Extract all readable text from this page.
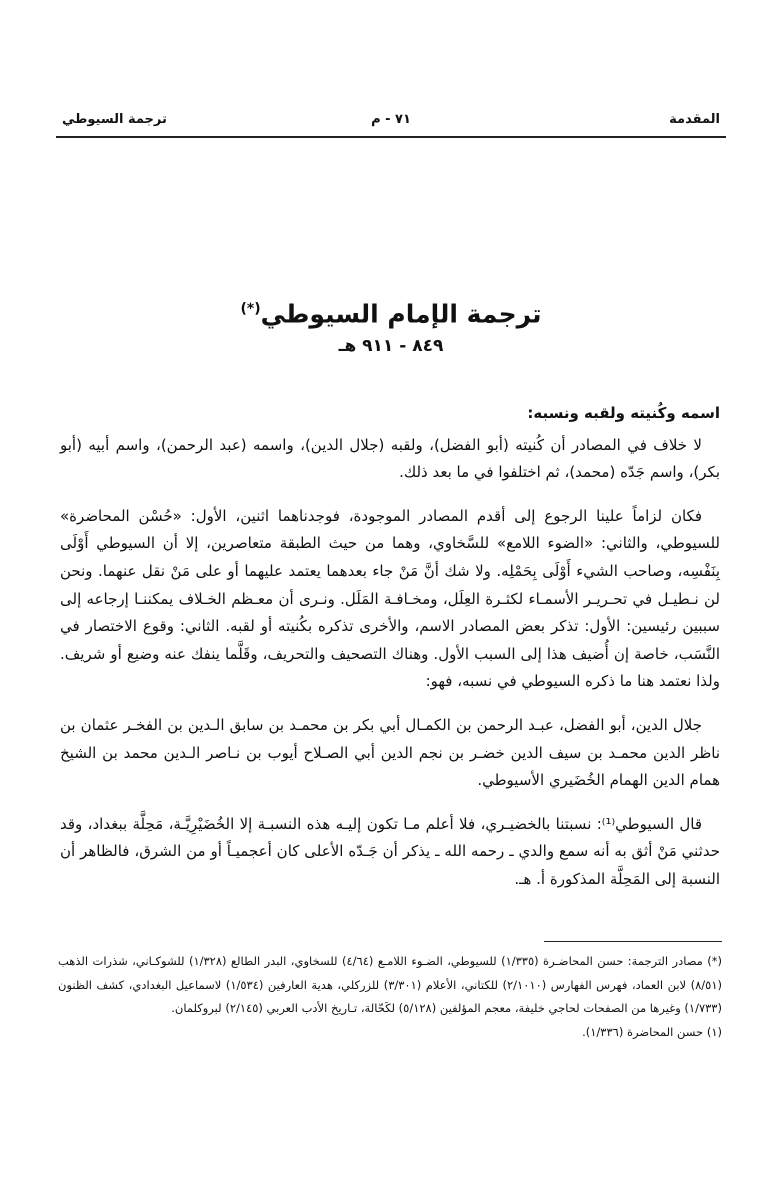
المقدمة
٧١ - م
ترجمة السيوطي
ترجمة الإمام السيوطي(*)
٨٤٩ - ٩١١ هـ
اسمه وكُنيته ولقبه ونسبه:

لا خلاف في المصادر أن كُنيته (أبو الفضل)، ولقبه (جلال الدين)، واسمه (عبد الرحمن)، واسم أبيه (أبو بكر)، واسم جَدّه (محمد)، ثم اختلفوا في ما بعد ذلك.

فكان لزاماً علينا الرجوع إلى أقدم المصادر الموجودة، فوجدناهما اثنين، الأول: «حُسْن المحاضرة» للسيوطي، والثاني: «الضوء اللامع» للسَّخاوي، وهما من حيث الطبقة متعاصرين، إلا أن السيوطي أَوْلَى بِنَفْسِه، وصاحب الشيء أَوْلَى بِحَمْلِه. ولا شك أنَّ مَنْ جاء بعدهما يعتمد عليهما أو على مَنْ نقل عنهما. ونحن لن نـطيـل في تحـريـر الأسمـاء لكثـرة العِلَل، ومخـافـة المَلَل. ونـرى أن معـظم الخـلاف يمكننـا إرجاعه إلى سببين رئيسين: الأول: تذكر بعض المصادر الاسم، والأخرى تذكره بكُنيته أو لقبه. الثاني: وقوع الاختصار في النَّسَب، خاصة إن أُضيف هذا إلى السبب الأول. وهناك التصحيف والتحريف، وقَلَّما ينفك عنه وضيع أو شريف. ولذا نعتمد هنا ما ذكره السيوطي في نسبه، فهو:

جلال الدين، أبو الفضل، عبـد الرحمن بن الكمـال أبي بكر بن محمـد بن سابق الـدين بن الفخـر عثمان بن ناظر الدين محمـد بن سيف الدين خضـر بن نجم الدين أبي الصـلاح أيوب بن نـاصر الـدين محمد بن الشيخ همام الدين الهمام الخُضَيري الأسيوطي.

قال السيوطي⁽¹⁾: نسبتنا بالخضيـري، فلا أعلم مـا تكون إليـه هذه النسبـة إلا الخُضَيْرِيَّـة، مَحِلَّة ببغداد، وقد حدثني مَنْ أثق به أنه سمع والدي ـ رحمه الله ـ يذكر أن جَـدّه الأعلى كان أعجميـاً أو من الشرق، فالظاهر أن النسبة إلى المَحِلَّة المذكورة أ. هـ.

(*) مصادر الترجمة: حسن المحاضـرة (١/٣٣٥) للسيوطي، الضـوء اللامـع (٤/٦٤) للسخاوي، البدر الطالع (١/٣٢٨) للشوكـاني، شذرات الذهب (٨/٥١) لابن العماد، فهرس الفهارس (٢/١٠١٠) للكتاني، الأعلام (٣/٣٠١) للزركلي، هدية العارفين (١/٥٣٤) لاسماعيل البغدادي، كشف الظنون (١/٧٣٣) وغيرها من الصفحات لحاجي خليفة، معجم المؤلفين (٥/١٢٨) لكَحّالة، تـاريخ الأدب العربي (٢/١٤٥) لبروكلمان.

(١) حسن المحاضرة (١/٣٣٦).
